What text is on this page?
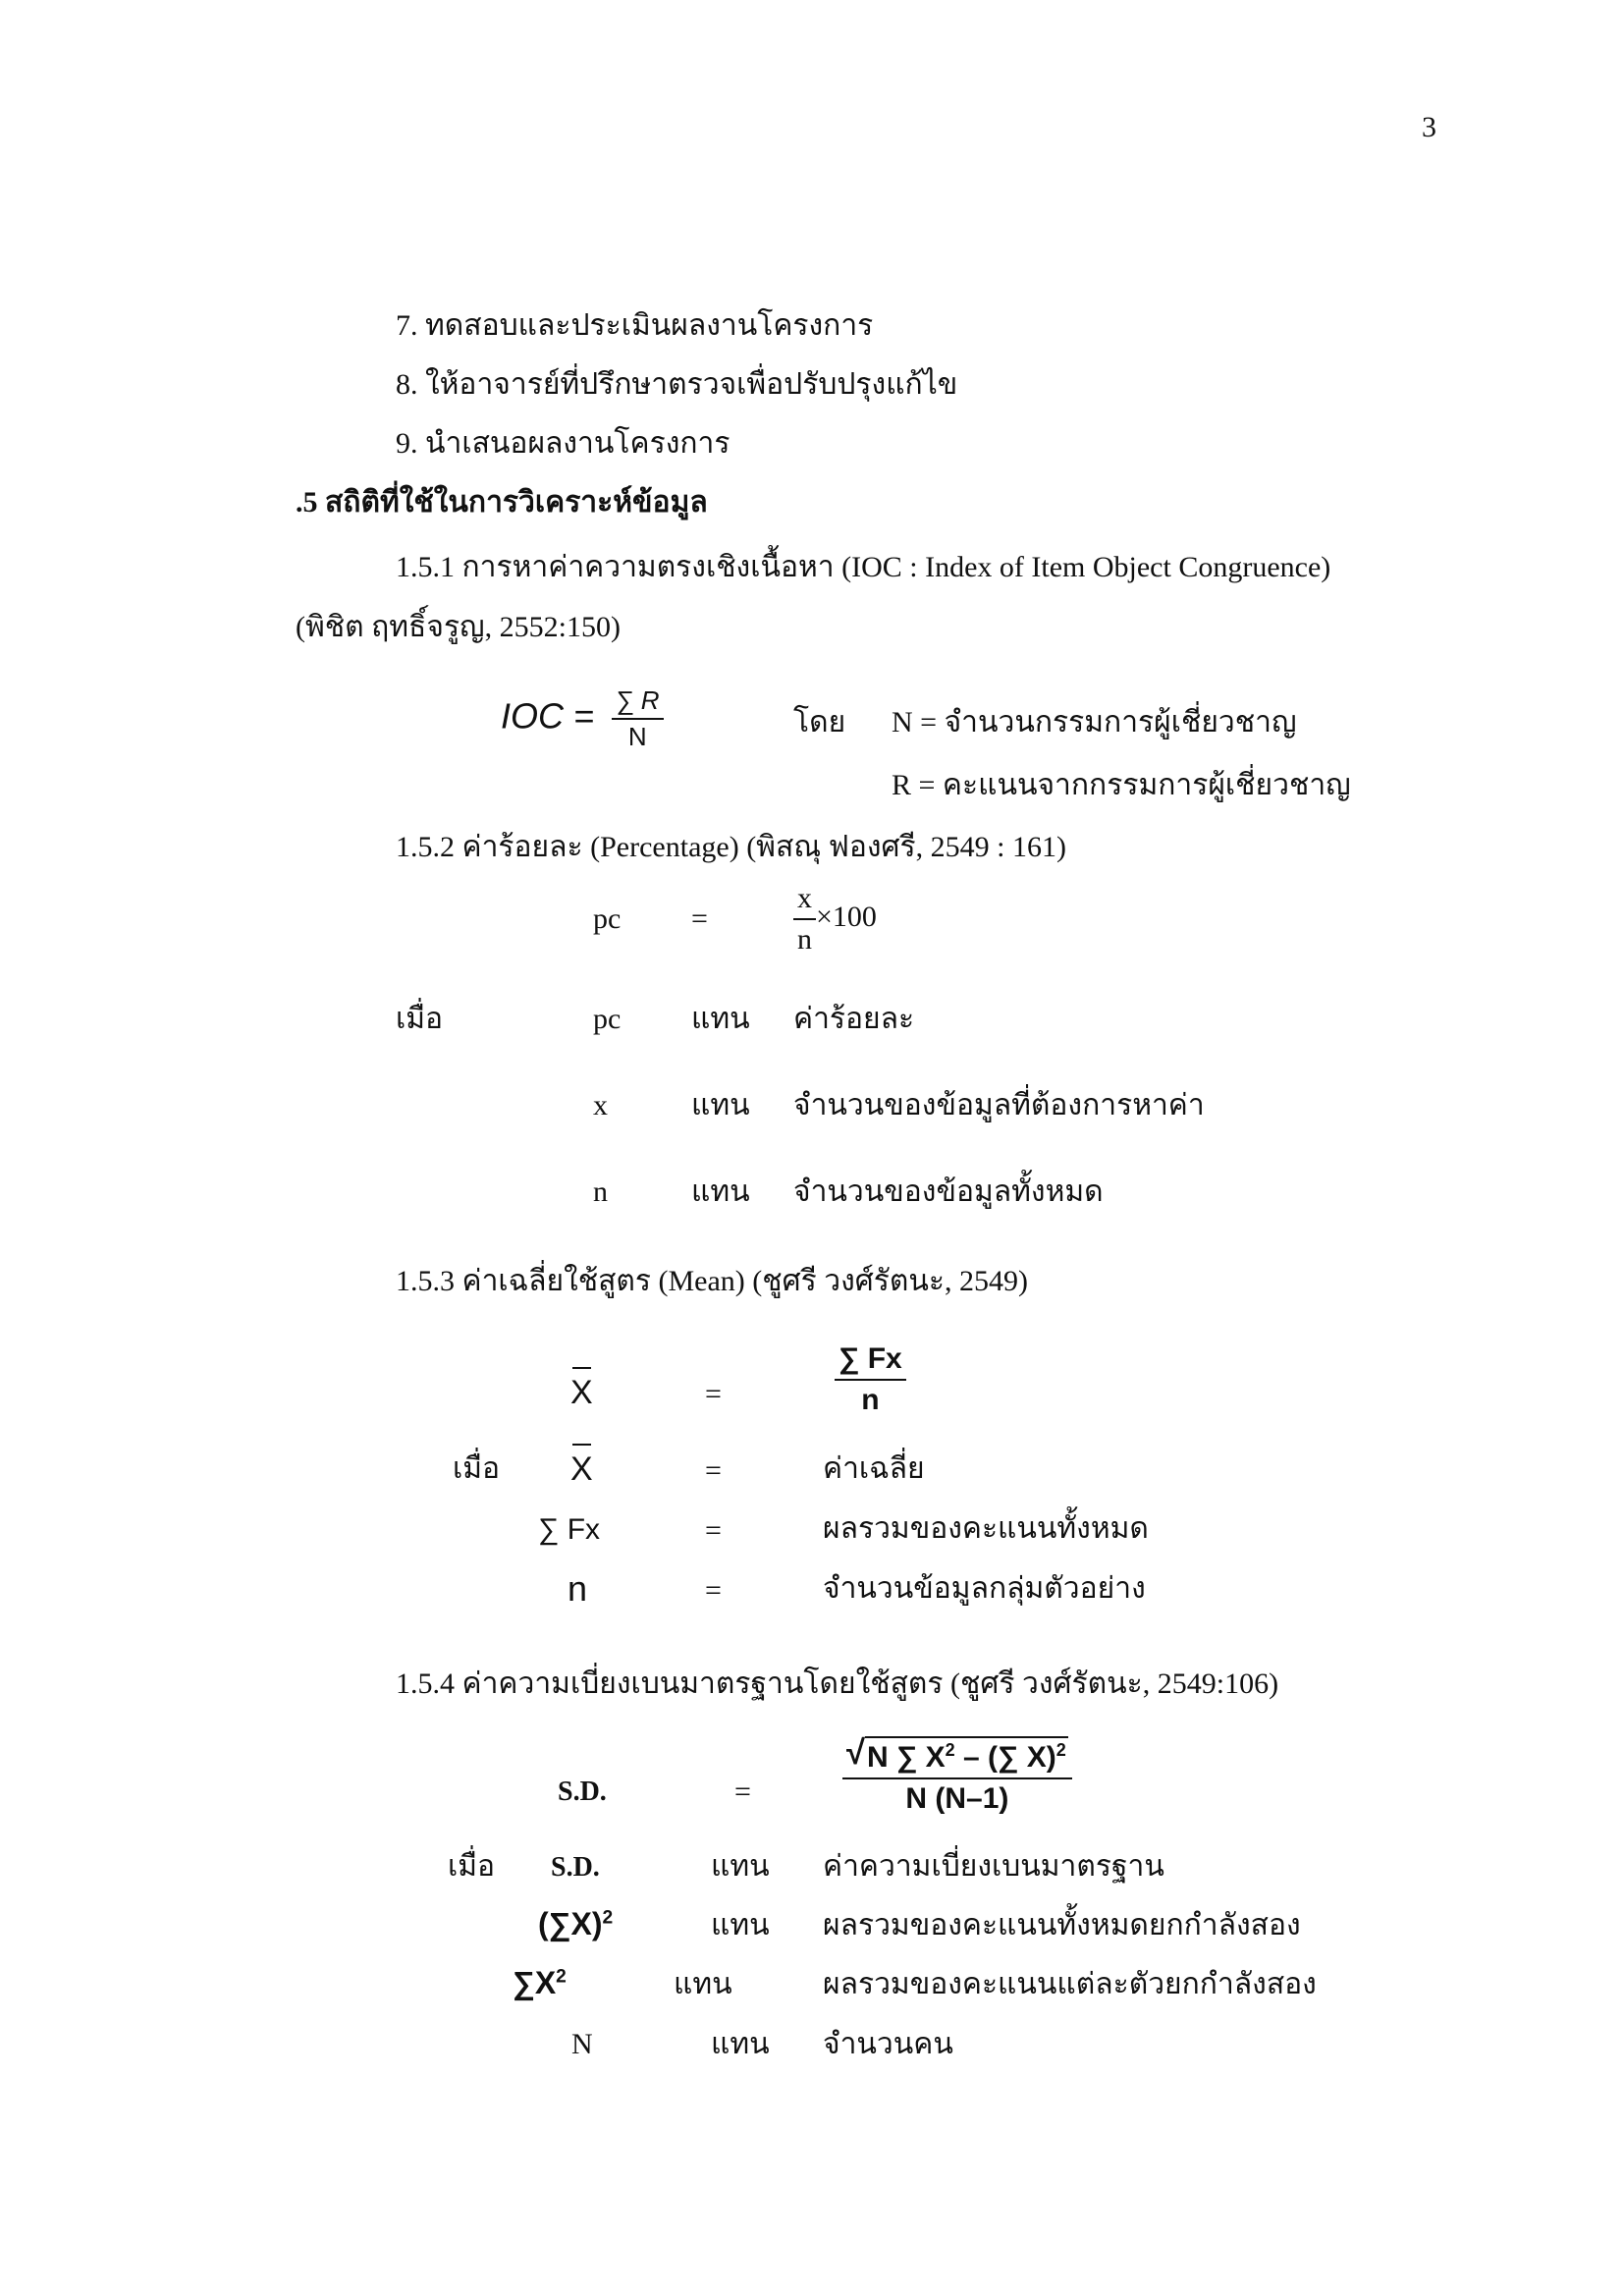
3
7. ทดสอบและประเมินผลงานโครงการ
8. ให้อาจารย์ที่ปรึกษาตรวจเพื่อปรับปรุงแก้ไข
9. นำเสนอผลงานโครงการ
.5 สถิติที่ใช้ในการวิเคราะห์ข้อมูล
1.5.1 การหาค่าความตรงเชิงเนื้อหา (IOC : Index of Item Object Congruence)
(พิชิต ฤทธิ์จรูญ, 2552:150)
IOC = $\frac{\sum R}{N}$	โดย N = จำนวนกรรมการผู้เชี่ยวชาญ
R = คะแนนจากกรรมการผู้เชี่ยวชาญ
1.5.2 ค่าร้อยละ (Percentage) (พิสณุ ฟองศรี, 2549 : 161)
pc =	$\frac{x}{n} \times 100$
เมื่อ	pc แทน ค่าร้อยละ
x	แทน จำนวนของข้อมูลที่ต้องการหาค่า
n	แทน จำนวนของข้อมูลทั้งหมด
1.5.3 ค่าเฉลี่ยใช้สูตร (Mean) (ชูศรี วงศ์รัตนะ, 2549)
X	=	$\frac{\sum Fx}{n}$
เมื่อ X	=	ค่าเฉลี่ย
∑ Fx	=	ผลรวมของคะแนนทั้งหมด
n	=	จำนวนข้อมูลกลุ่มตัวอย่าง
1.5.4 ค่าความเบี่ยงเบนมาตรฐานโดยใช้สูตร (ชูศรี วงศ์รัตนะ, 2549:106)
S.D.	=	$\frac{√ N \sum X^2 - (\sum X)^2}{N (N-1)}$
เมื่อ S.D.	แทน ค่าความเบี่ยงเบนมาตรฐาน
$(\sum X)^2$	แทน ผลรวมของคะแนนทั้งหมดยกกำลังสอง
$\sum X^2$	แทน	ผลรวมของคะแนนแต่ละตัวยกกำลังสอง
N	แทน จำนวนคน
